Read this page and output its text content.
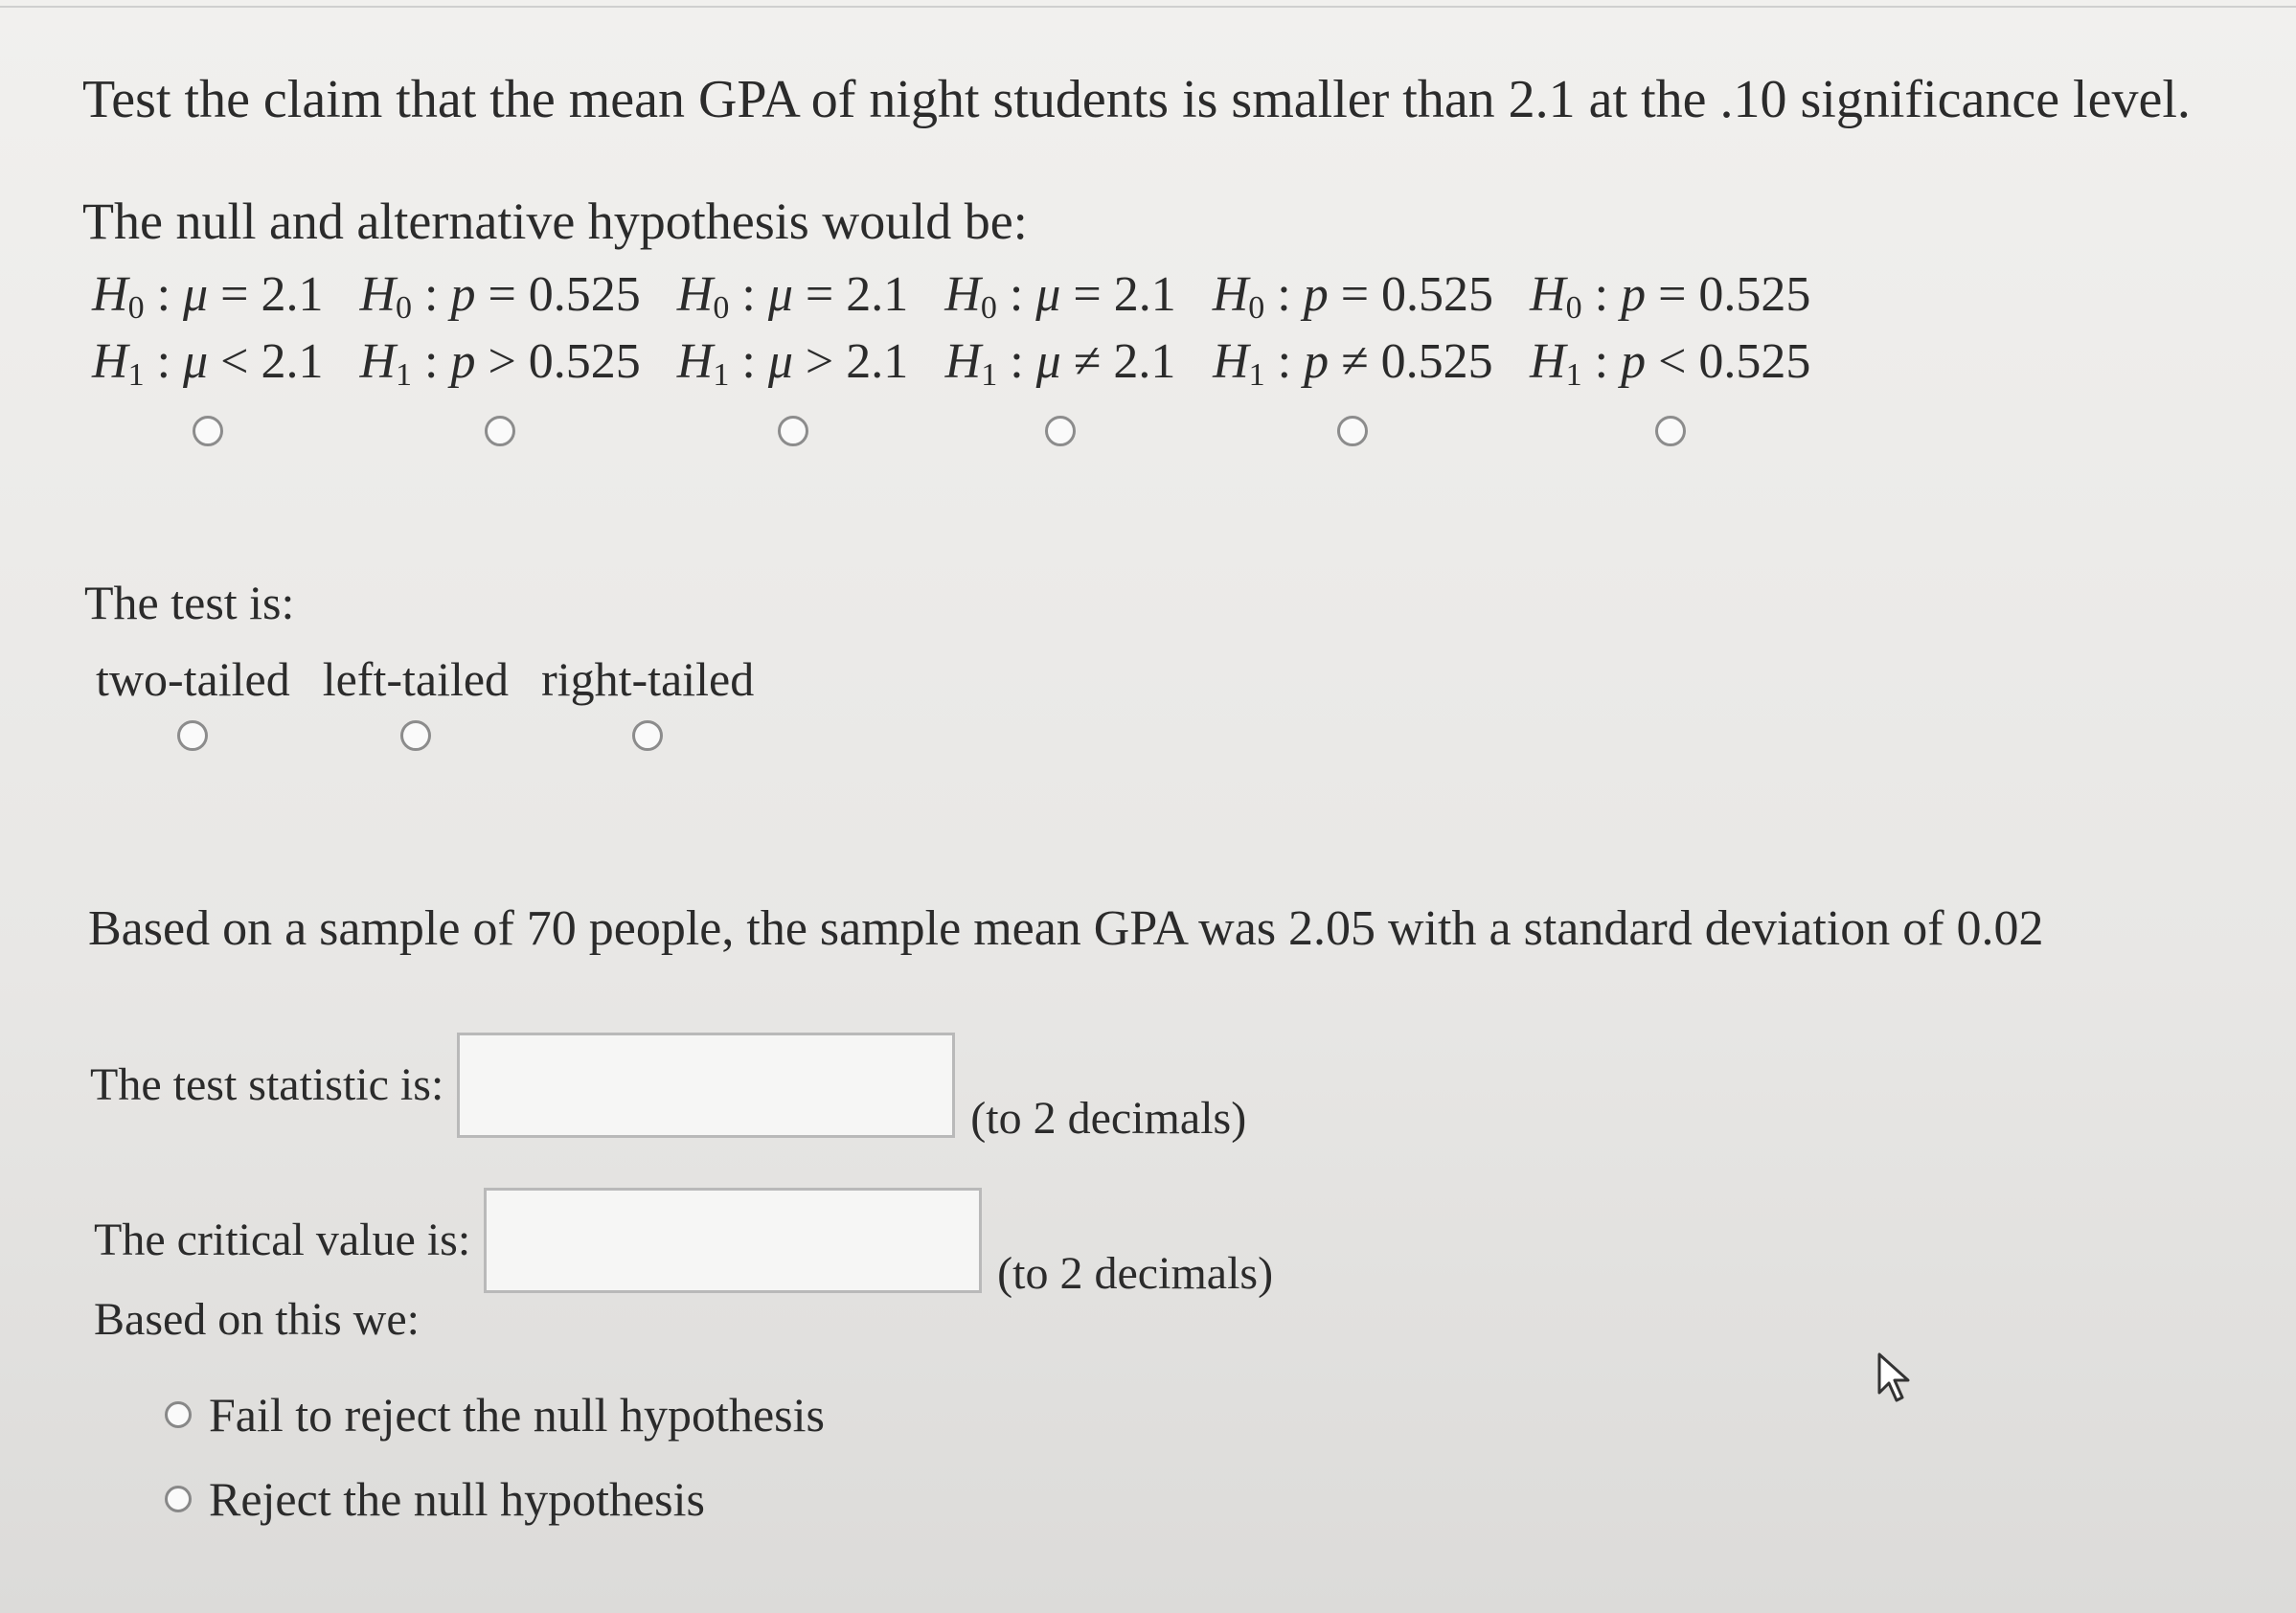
Test the claim that the mean GPA of night students is smaller than 2.1 at the .10 significance level.
The null and alternative hypothesis would be:
$H_0$ : μ = 2.1
$H_1$ : μ < 2.1
$H_0$ : p = 0.525
$H_1$ : p > 0.525
$H_0$ : μ = 2.1
$H_1$ : μ > 2.1
$H_0$ : μ = 2.1
$H_1$ : μ ≠ 2.1
$H_0$ : p = 0.525
$H_1$ : p ≠ 0.525
$H_0$ : p = 0.525
$H_1$ : p < 0.525
The test is:
two-tailed left-tailed right-tailed
Based on a sample of 70 people, the sample mean GPA was 2.05 with a standard deviation of 0.02
The test statistic is:
(to 2 decimals)
The critical value is:
(to 2 decimals)
Based on this we:
Fail to reject the null hypothesis
Reject the null hypothesis
